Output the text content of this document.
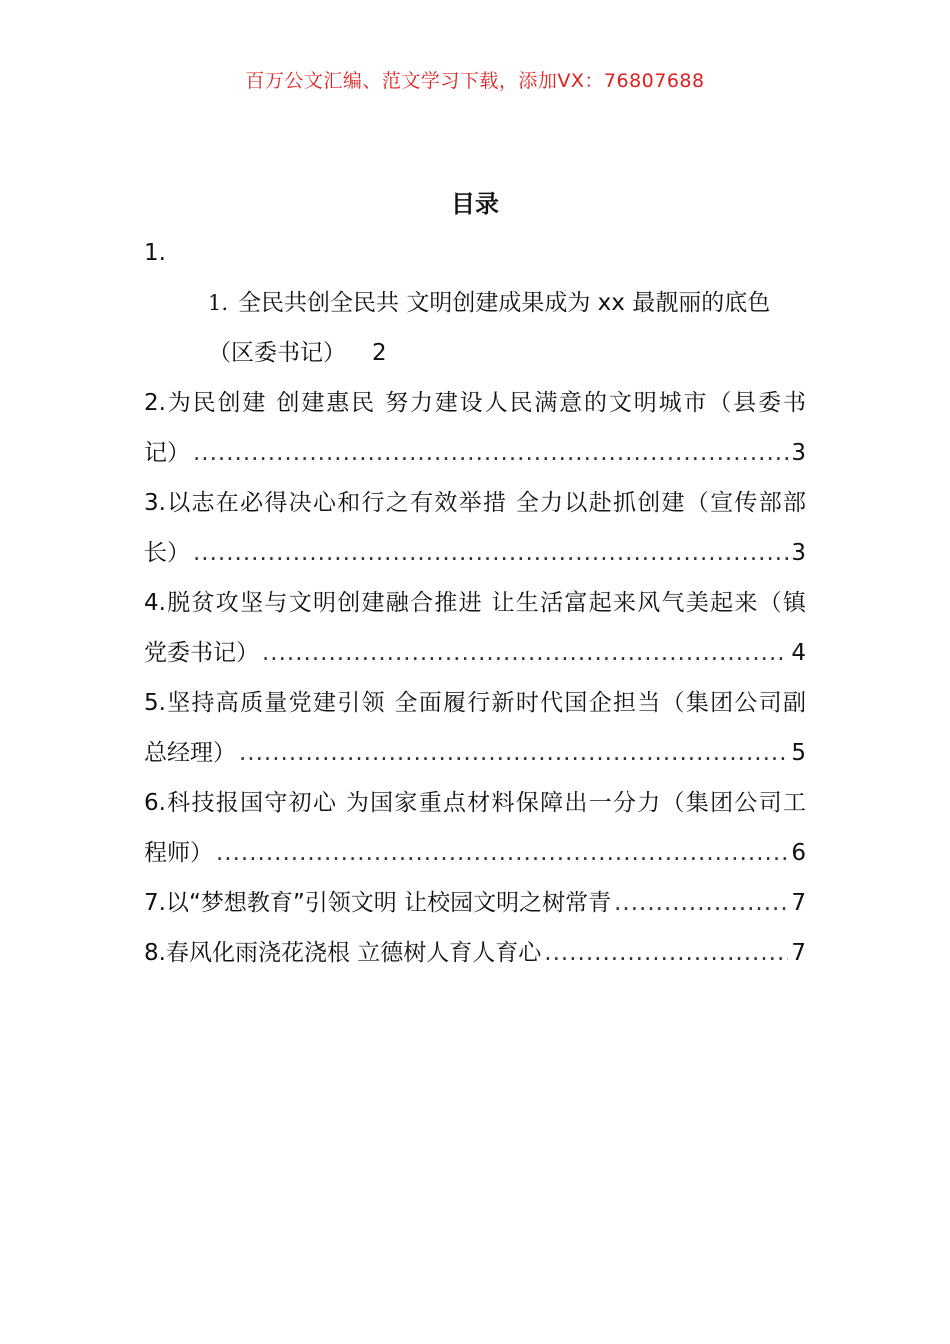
百万公文汇编、范文学习下载，添加VX：76807688
目录
1.
1. 全民共创全民共 文明创建成果成为 xx 最靓丽的底色
（区委书记） 2
2.为民创建 创建惠民 努力建设人民满意的文明城市（县委书
记） .....	3
3.以志在必得决心和行之有效举措 全力以赴抓创建（宣传部部
长） .....	3
4.脱贫攻坚与文明创建融合推进 让生活富起来风气美起来（镇
党委书记） .....	4
5.坚持高质量党建引领 全面履行新时代国企担当（集团公司副
总经理） .....	5
6.科技报国守初心 为国家重点材料保障出一分力（集团公司工
程师） .....	6
7.以“梦想教育”引领文明 让校园文明之树常青 .....	7
8.春风化雨浇花浇根 立德树人育人育心 .....	7
